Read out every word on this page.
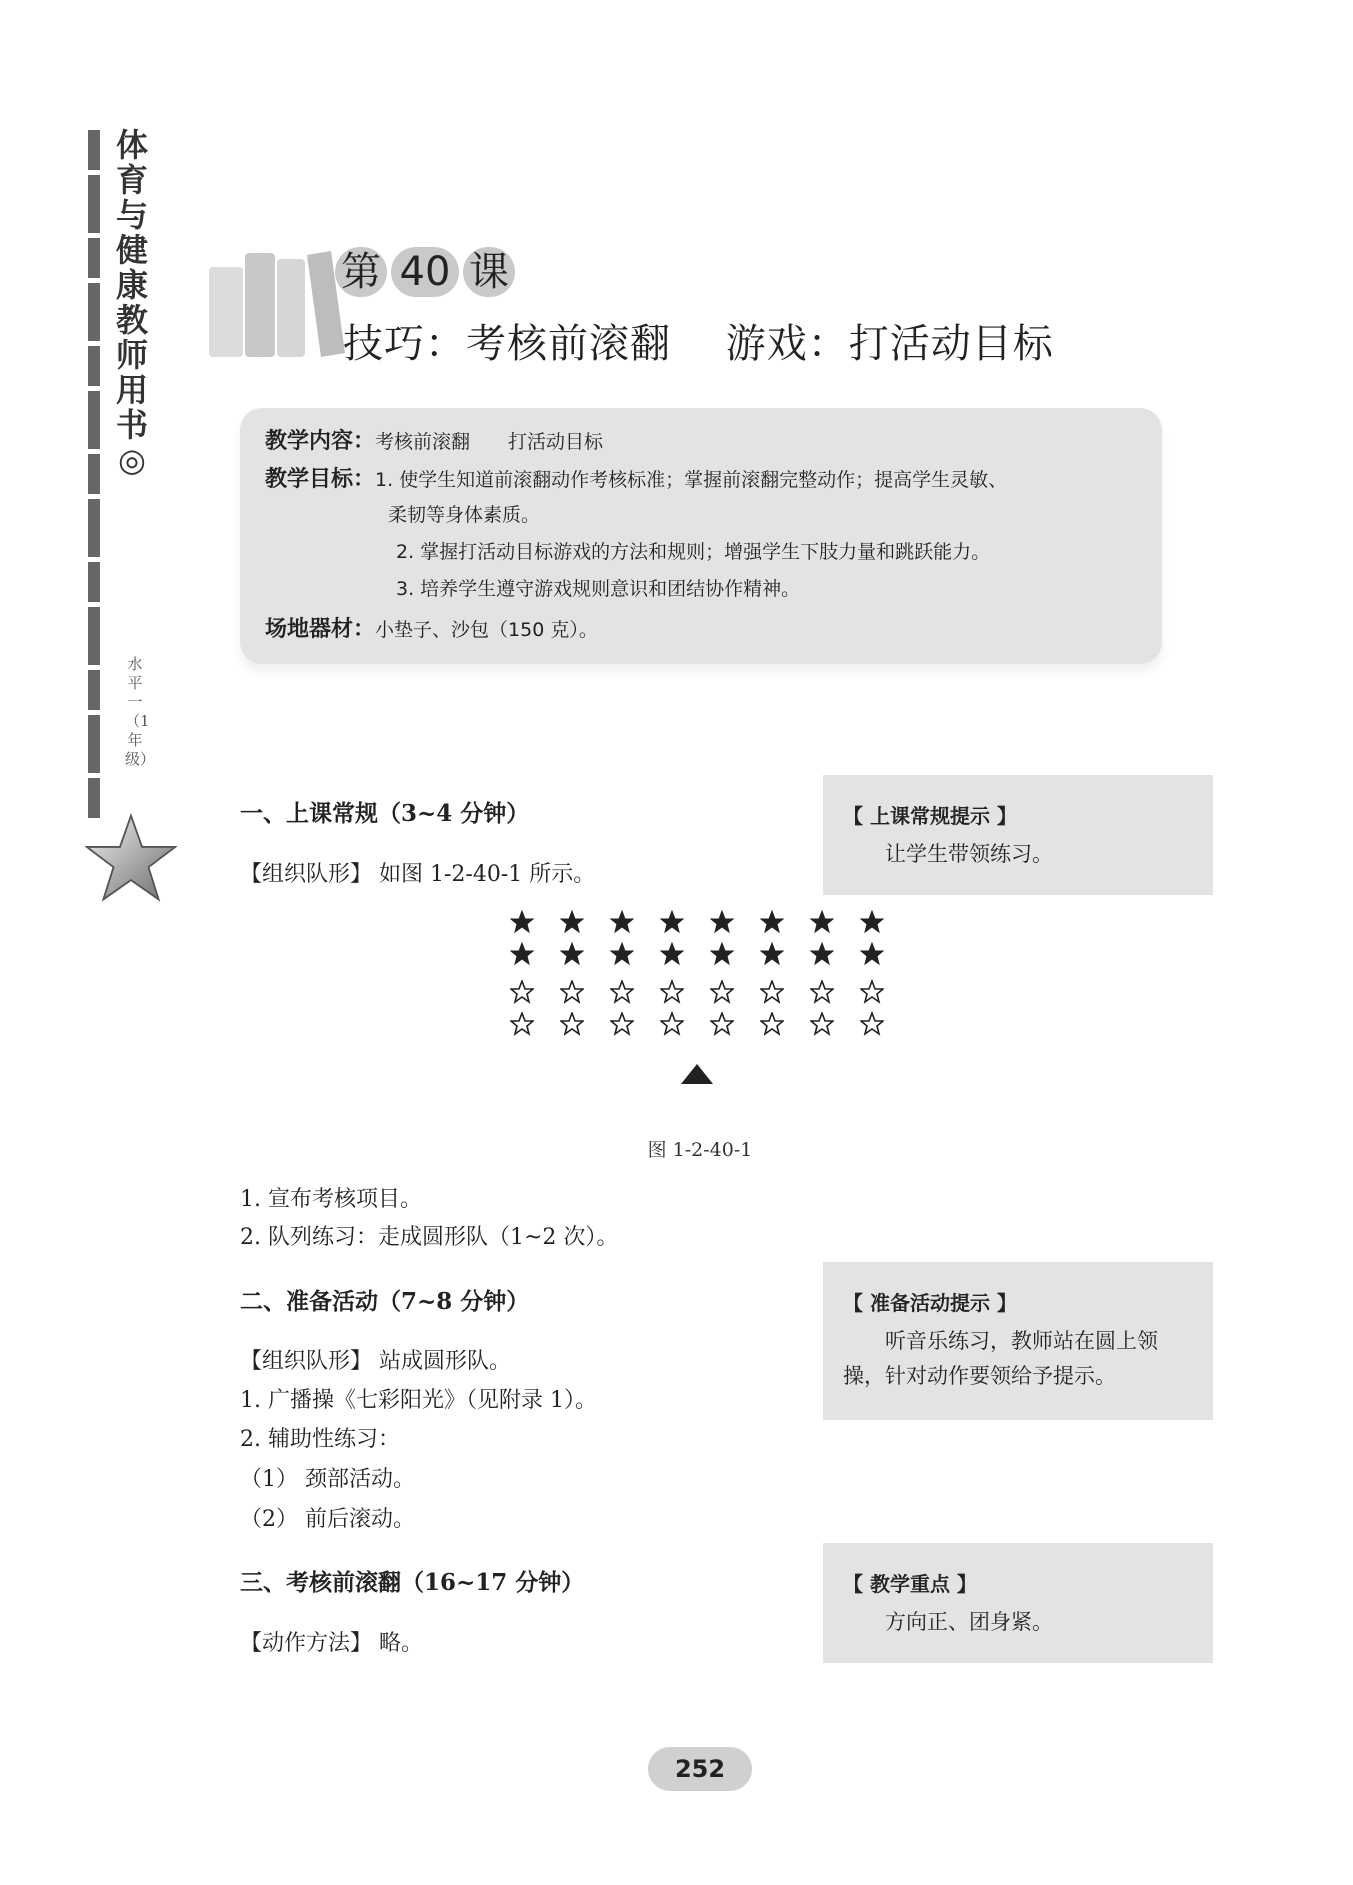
体育与健康教师用书◎
水平一（1年级）
第 40 课
技巧：考核前滚翻　 游戏：打活动目标
教学内容：考核前滚翻　　打活动目标
教学目标：1. 使学生知道前滚翻动作考核标准；掌握前滚翻完整动作；提高学生灵敏、
柔韧等身体素质。
2. 掌握打活动目标游戏的方法和规则；增强学生下肢力量和跳跃能力。
3. 培养学生遵守游戏规则意识和团结协作精神。
场地器材：小垫子、沙包（150 克）。
一、上课常规（3~4 分钟）
【组织队形】 如图 1-2-40-1 所示。
【 上课常规提示 】
让学生带领练习。
图 1-2-40-1
1. 宣布考核项目。
2. 队列练习：走成圆形队（1~2 次）。
二、准备活动（7~8 分钟）
【组织队形】 站成圆形队。
1. 广播操《七彩阳光》（见附录 1）。
2. 辅助性练习：
（1） 颈部活动。
（2） 前后滚动。
【 准备活动提示 】
听音乐练习，教师站在圆上领操，针对动作要领给予提示。
三、考核前滚翻（16~17 分钟）
【动作方法】 略。
【 教学重点 】
方向正、团身紧。
252
